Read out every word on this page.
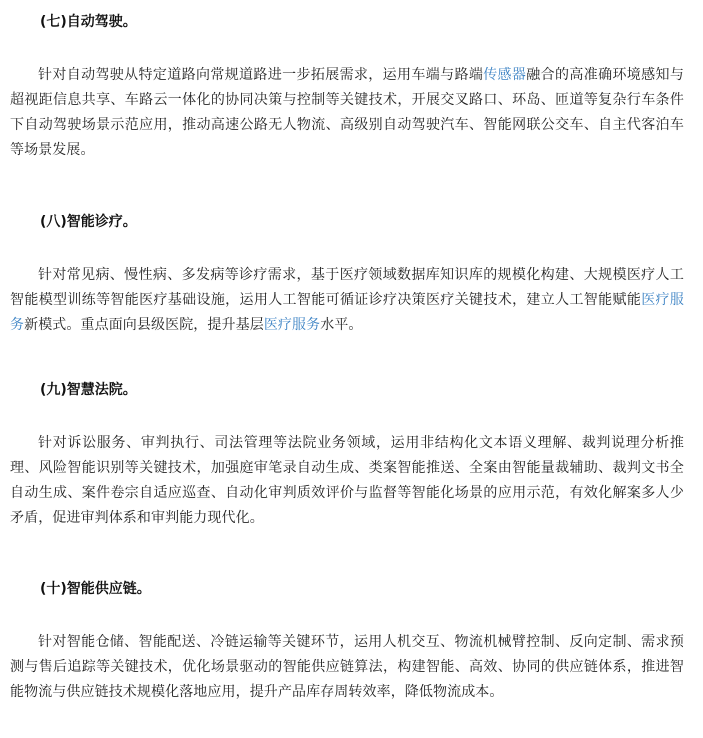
(七)自动驾驶。

针对自动驾驶从特定道路向常规道路进一步拓展需求，运用车端与路端传感器融合的高准确环境感知与超视距信息共享、车路云一体化的协同决策与控制等关键技术，开展交叉路口、环岛、匝道等复杂行车条件下自动驾驶场景示范应用，推动高速公路无人物流、高级别自动驾驶汽车、智能网联公交车、自主代客泊车等场景发展。

(八)智能诊疗。

针对常见病、慢性病、多发病等诊疗需求，基于医疗领域数据库知识库的规模化构建、大规模医疗人工智能模型训练等智能医疗基础设施，运用人工智能可循证诊疗决策医疗关键技术，建立人工智能赋能医疗服务新模式。重点面向县级医院，提升基层医疗服务水平。

(九)智慧法院。

针对诉讼服务、审判执行、司法管理等法院业务领域，运用非结构化文本语义理解、裁判说理分析推理、风险智能识别等关键技术，加强庭审笔录自动生成、类案智能推送、全案由智能量裁辅助、裁判文书全自动生成、案件卷宗自适应巡查、自动化审判质效评价与监督等智能化场景的应用示范，有效化解案多人少矛盾，促进审判体系和审判能力现代化。

(十)智能供应链。

针对智能仓储、智能配送、冷链运输等关键环节，运用人机交互、物流机械臂控制、反向定制、需求预测与售后追踪等关键技术，优化场景驱动的智能供应链算法，构建智能、高效、协同的供应链体系，推进智能物流与供应链技术规模化落地应用，提升产品库存周转效率，降低物流成本。
